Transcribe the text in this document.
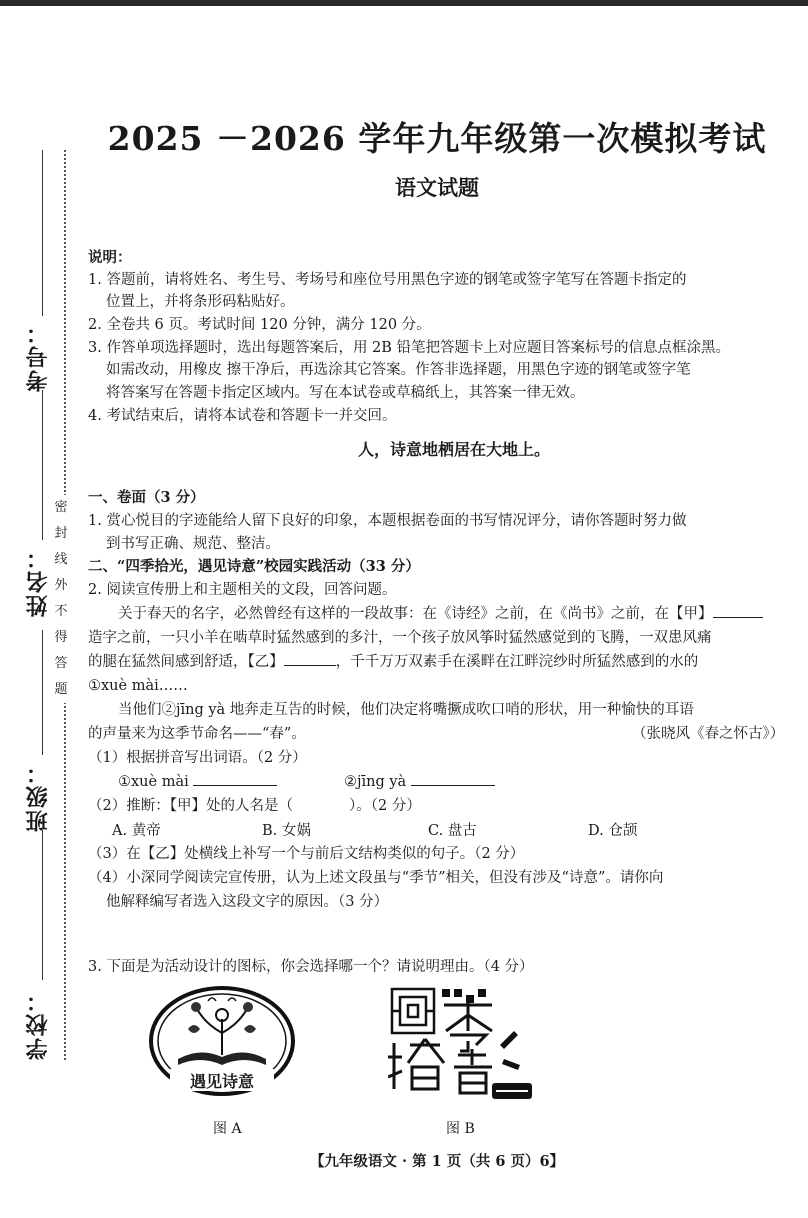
考号：
姓名：
班级：
学校：
密
封
线
外
不
得
答
题
2025 －2026 学年九年级第一次模拟考试
语文试题
说明：
1. 答题前，请将姓名、考生号、考场号和座位号用黑色字迹的钢笔或签字笔写在答题卡指定的
位置上，并将条形码粘贴好。
2. 全卷共 6 页。考试时间 120 分钟，满分 120 分。
3. 作答单项选择题时，选出每题答案后，用 2B 铅笔把答题卡上对应题目答案标号的信息点框涂黑。
如需改动，用橡皮 擦干净后，再选涂其它答案。作答非选择题，用黑色字迹的钢笔或签字笔
将答案写在答题卡指定区域内。写在本试卷或草稿纸上，其答案一律无效。
4. 考试结束后，请将本试卷和答题卡一并交回。
人，诗意地栖居在大地上。
一、卷面（3 分）
1. 赏心悦目的字迹能给人留下良好的印象，本题根据卷面的书写情况评分，请你答题时努力做
到书写正确、规范、整洁。
二、“四季拾光，遇见诗意”校园实践活动（33 分）
2. 阅读宣传册上和主题相关的文段，回答问题。
关于春天的名字，必然曾经有这样的一段故事：在《诗经》之前，在《尚书》之前，在【甲】
造字之前，一只小羊在啮草时猛然感到的多汁，一个孩子放风筝时猛然感觉到的飞腾，一双患风痛
的腿在猛然间感到舒适，【乙】	，千千万万双素手在溪畔在江畔浣纱时所猛然感到的水的
①xuè mài……
当他们②jīng yà 地奔走互告的时候，他们决定将嘴撅成吹口哨的形状，用一种愉快的耳语
的声量来为这季节命名——“春”。	（张晓风《春之怀古》）
（1）根据拼音写出词语。（2 分）
①xuè mài	②jīng yà
（2）推断：【甲】处的人名是（	）。（2 分）
A. 黄帝	B. 女娲	C. 盘古	D. 仓颉
（3）在【乙】处横线上补写一个与前后文结构类似的句子。（2 分）
（4）小深同学阅读完宣传册，认为上述文段虽与“季节”相关，但没有涉及“诗意”。请你向
他解释编写者选入这段文字的原因。（3 分）
3. 下面是为活动设计的图标，你会选择哪一个？请说明理由。（4 分）
遇见诗意
图 A	图 B
【九年级语文 · 第 1 页（共 6 页）6】
